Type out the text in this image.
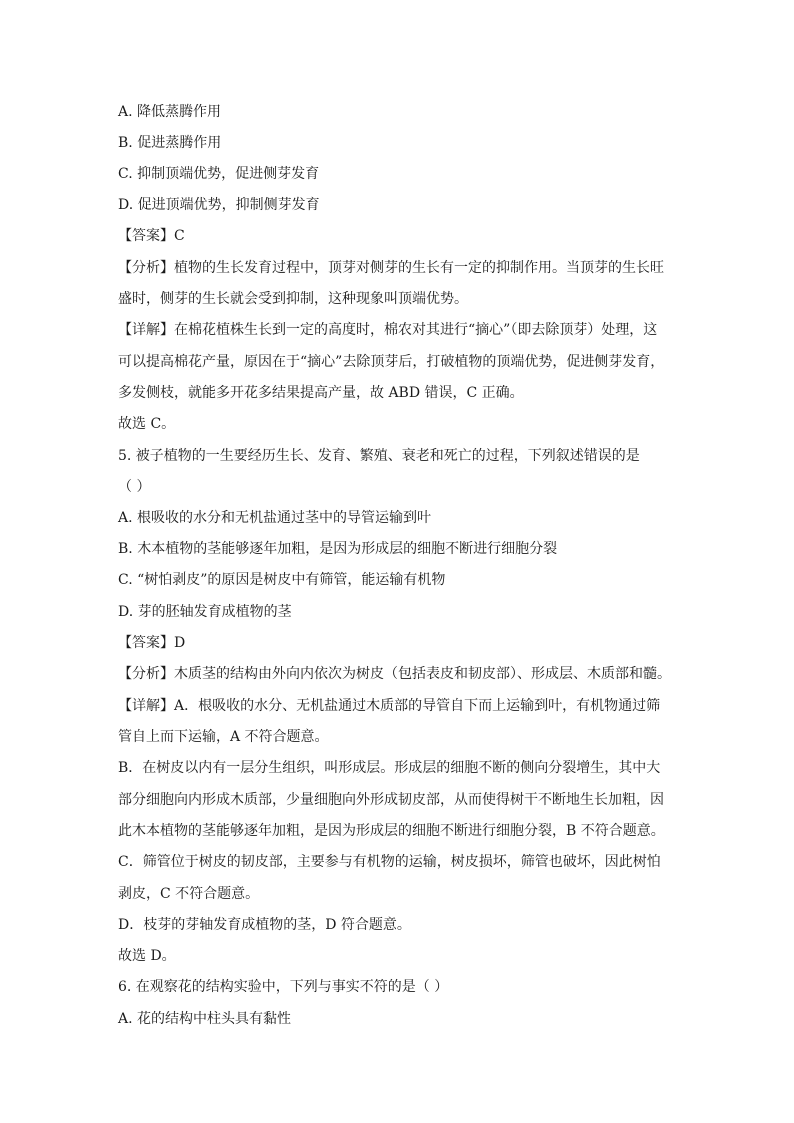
A. 降低蒸腾作用
B. 促进蒸腾作用
C. 抑制顶端优势，促进侧芽发育
D. 促进顶端优势，抑制侧芽发育
【答案】C
【分析】植物的生长发育过程中，顶芽对侧芽的生长有一定的抑制作用。当顶芽的生长旺
盛时，侧芽的生长就会受到抑制，这种现象叫顶端优势。
【详解】在棉花植株生长到一定的高度时，棉农对其进行“摘心”（即去除顶芽）处理，这
可以提高棉花产量，原因在于“摘心”去除顶芽后，打破植物的顶端优势，促进侧芽发育，
多发侧枝，就能多开花多结果提高产量，故 ABD 错误，C 正确。
故选 C。
5. 被子植物的一生要经历生长、发育、繁殖、衰老和死亡的过程，下列叙述错误的是
（ ）
A. 根吸收的水分和无机盐通过茎中的导管运输到叶
B. 木本植物的茎能够逐年加粗，是因为形成层的细胞不断进行细胞分裂
C. “树怕剥皮”的原因是树皮中有筛管，能运输有机物
D. 芽的胚轴发育成植物的茎
【答案】D
【分析】木质茎的结构由外向内依次为树皮（包括表皮和韧皮部）、形成层、木质部和髓。
【详解】A．根吸收的水分、无机盐通过木质部的导管自下而上运输到叶，有机物通过筛
管自上而下运输，A 不符合题意。
B．在树皮以内有一层分生组织，叫形成层。形成层的细胞不断的侧向分裂增生，其中大
部分细胞向内形成木质部，少量细胞向外形成韧皮部，从而使得树干不断地生长加粗，因
此木本植物的茎能够逐年加粗，是因为形成层的细胞不断进行细胞分裂，B 不符合题意。
C．筛管位于树皮的韧皮部，主要参与有机物的运输，树皮损坏，筛管也破坏，因此树怕
剥皮，C 不符合题意。
D．枝芽的芽轴发育成植物的茎，D 符合题意。
故选 D。
6. 在观察花的结构实验中，下列与事实不符的是（ ）
A. 花的结构中柱头具有黏性
